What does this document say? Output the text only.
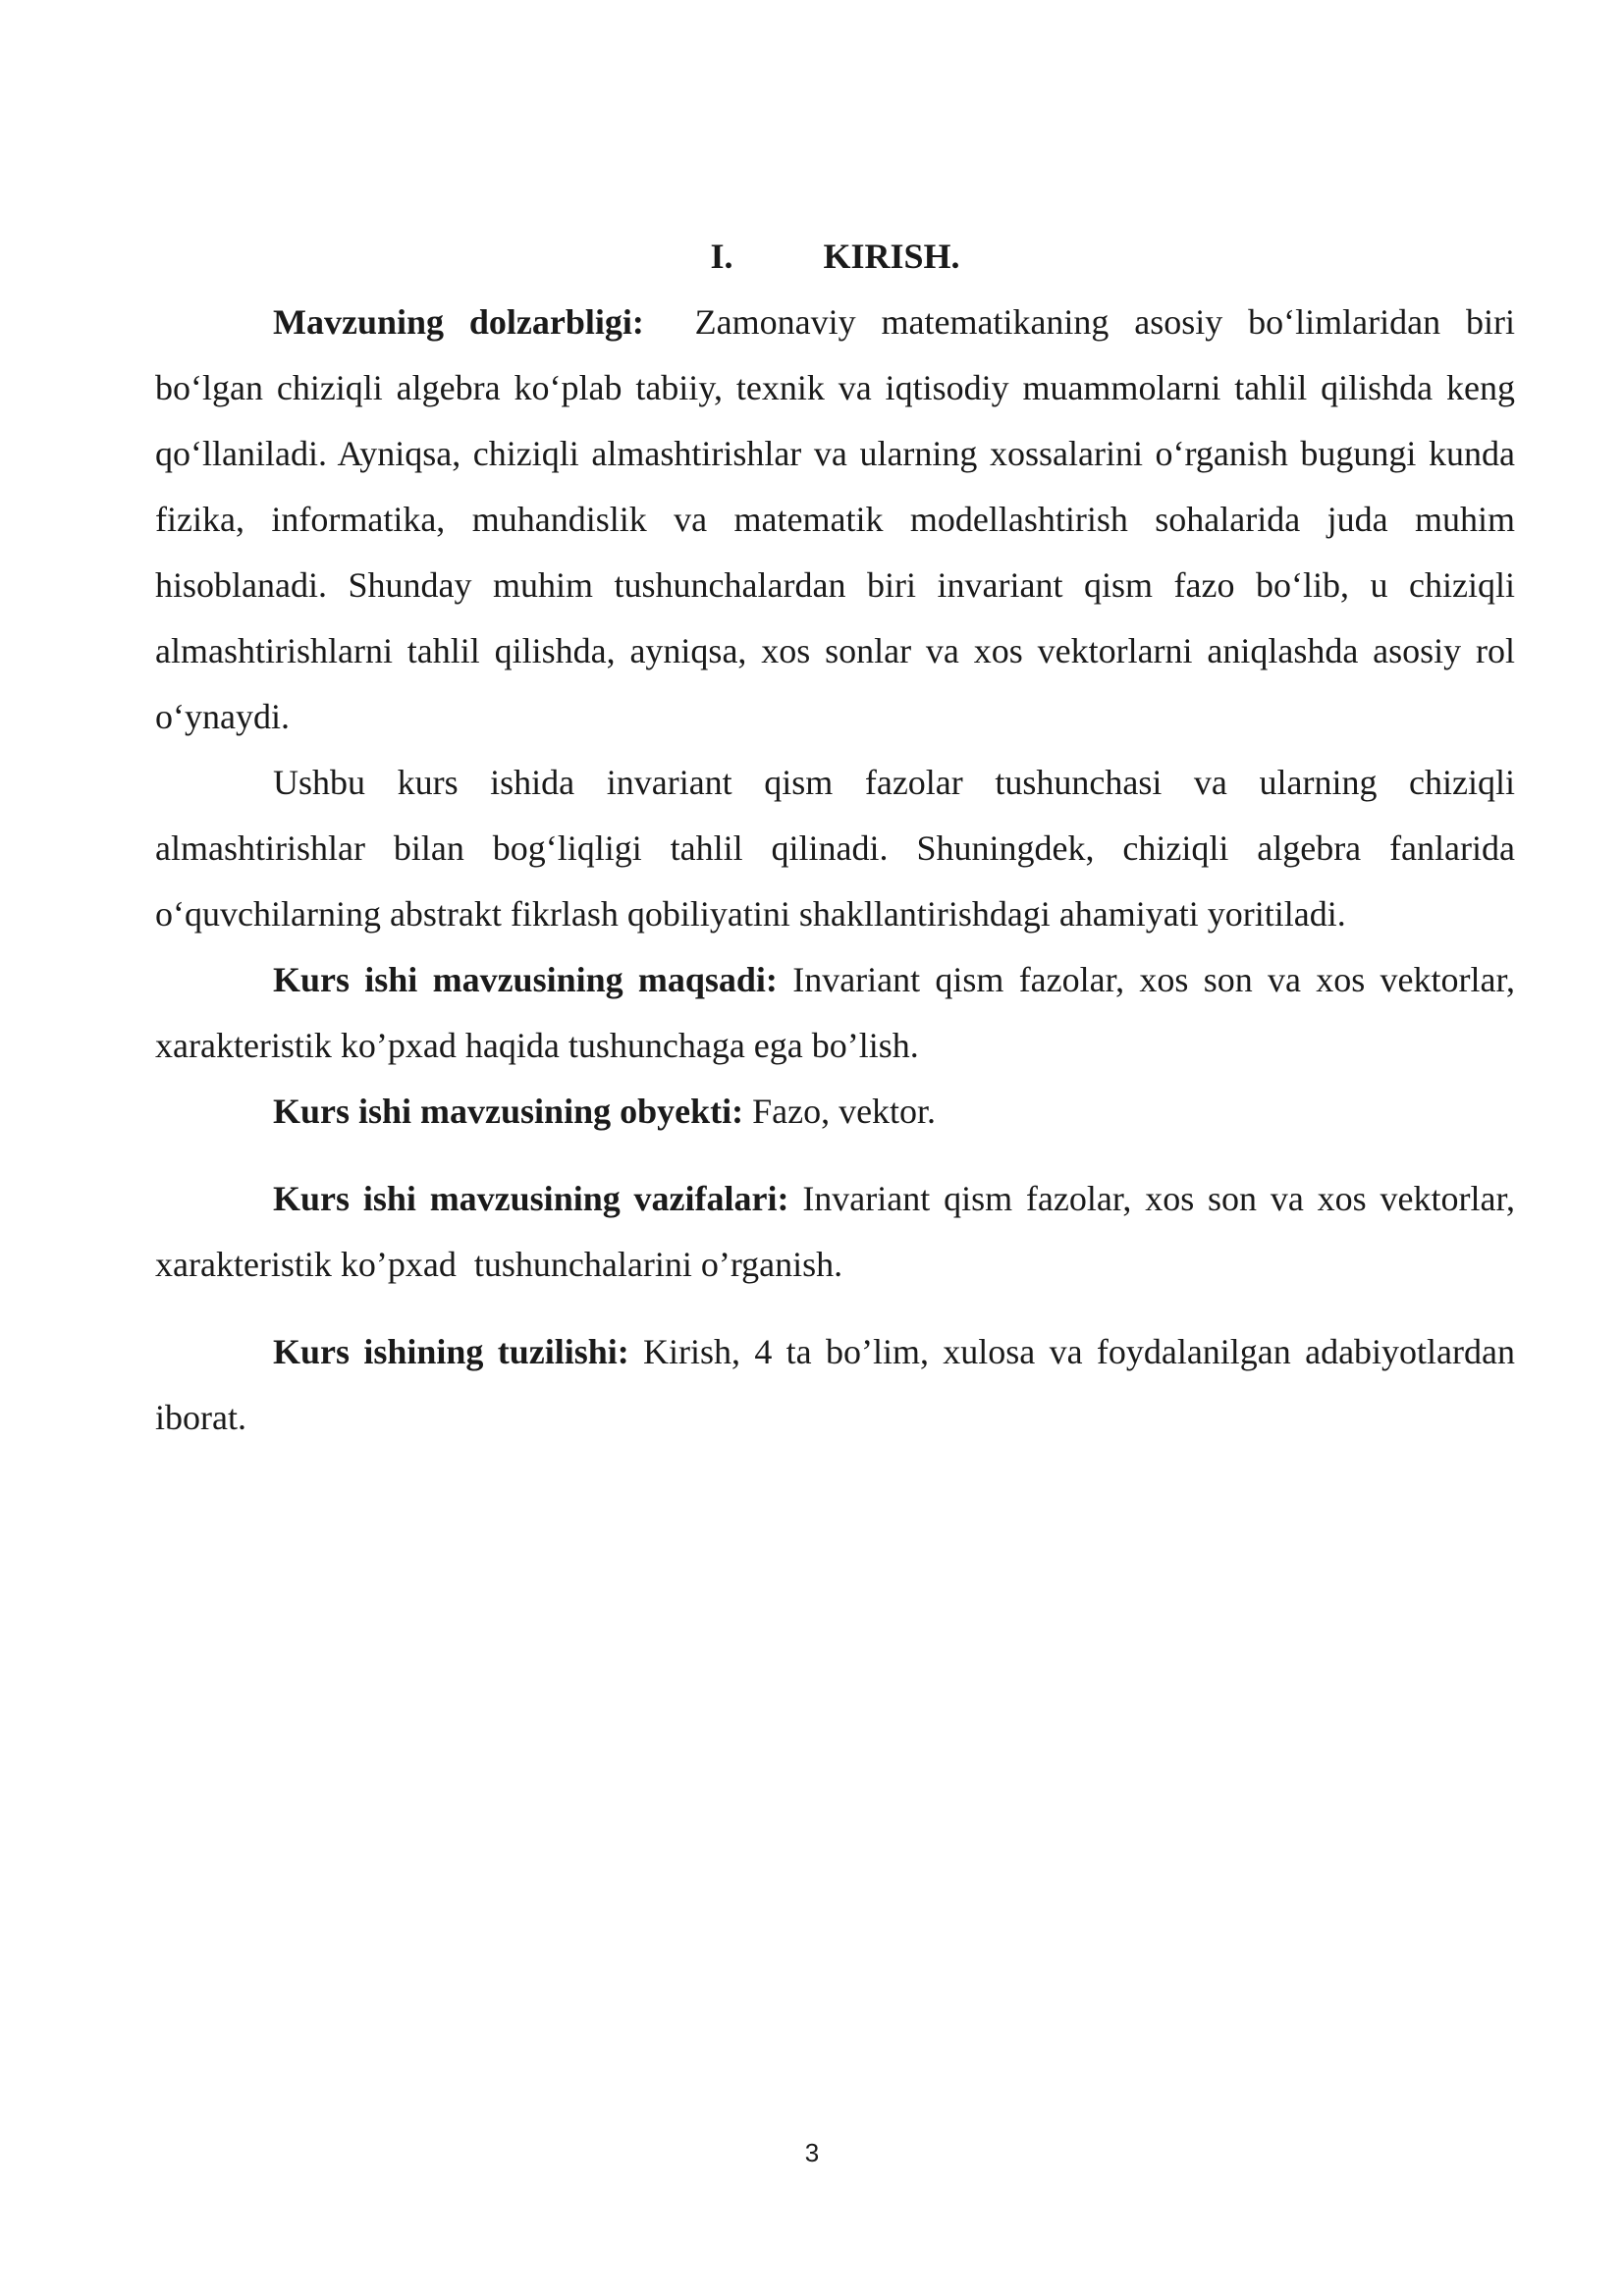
I.	KIRISH.

Mavzuning dolzarbligi:  Zamonaviy matematikaning asosiy bo‘limlaridan biri bo‘lgan chiziqli algebra ko‘plab tabiiy, texnik va iqtisodiy muammolarni tahlil qilishda keng qo‘llaniladi. Ayniqsa, chiziqli almashtirishlar va ularning xossalarini o‘rganish bugungi kunda fizika, informatika, muhandislik va matematik modellashtirish sohalarida juda muhim hisoblanadi. Shunday muhim tushunchalardan biri invariant qism fazo bo‘lib, u chiziqli almashtirishlarni tahlil qilishda, ayniqsa, xos sonlar va xos vektorlarni aniqlashda asosiy rol o‘ynaydi.

Ushbu kurs ishida invariant qism fazolar tushunchasi va ularning chiziqli almashtirishlar bilan bog‘liqligi tahlil qilinadi. Shuningdek, chiziqli algebra fanlarida o‘quvchilarning abstrakt fikrlash qobiliyatini shakllantirishdagi ahamiyati yoritiladi.

Kurs ishi mavzusining maqsadi: Invariant qism fazolar, xos son va xos vektorlar, xarakteristik ko’pxad haqida tushunchaga ega bo’lish.

Kurs ishi mavzusining obyekti: Fazo, vektor.

Kurs ishi mavzusining vazifalari: Invariant qism fazolar, xos son va xos vektorlar, xarakteristik ko’pxad  tushunchalarini o’rganish.

Kurs ishining tuzilishi: Kirish, 4 ta bo’lim, xulosa va foydalanilgan adabiyotlardan iborat.

3
